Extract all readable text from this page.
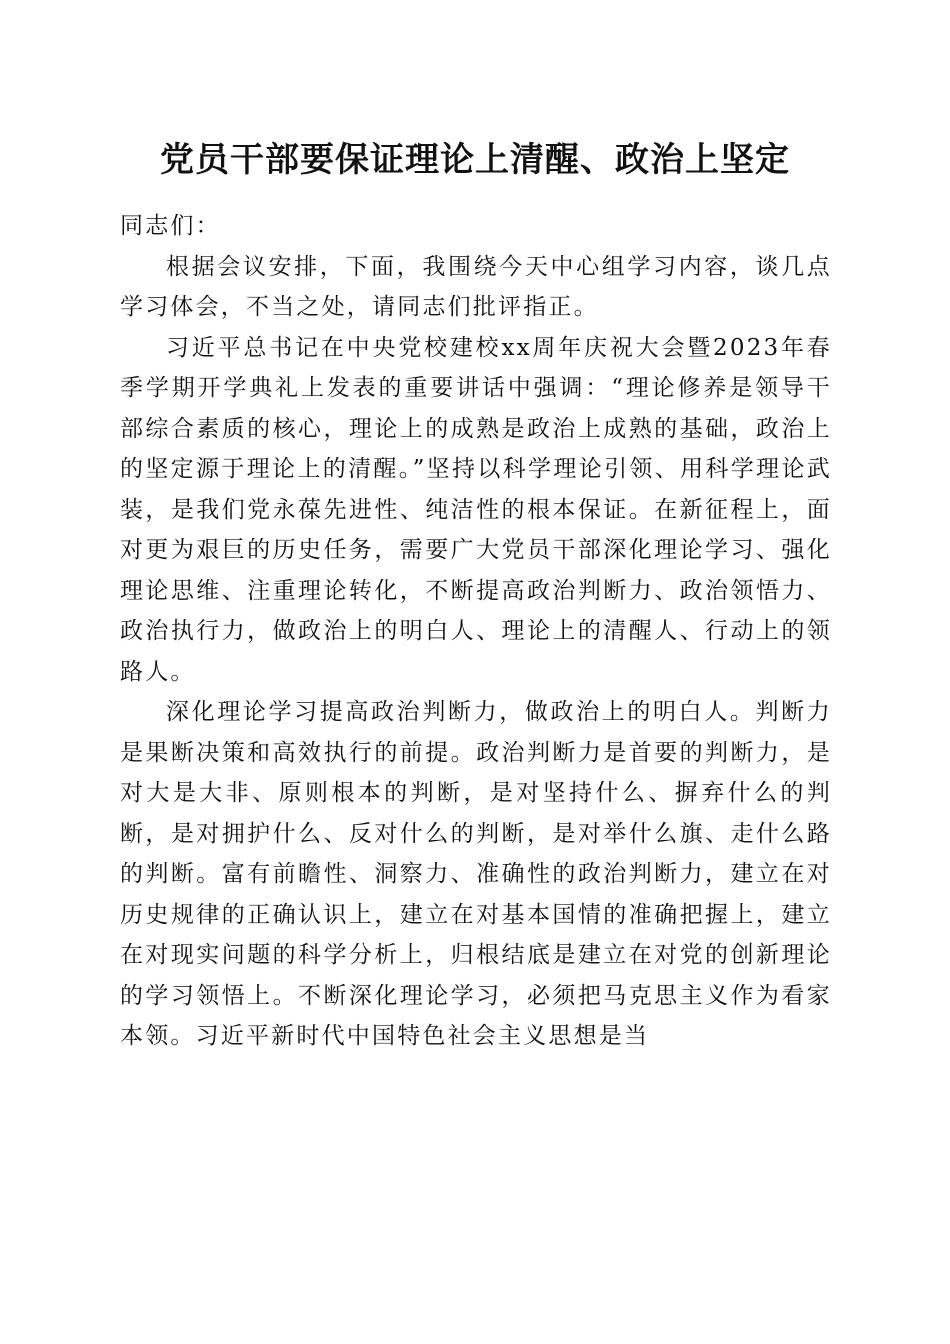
党员干部要保证理论上清醒、政治上坚定

同志们：

根据会议安排，下面，我围绕今天中心组学习内容，谈几点学习体会，不当之处，请同志们批评指正。

习近平总书记在中央党校建校xx周年庆祝大会暨2023年春季学期开学典礼上发表的重要讲话中强调：“理论修养是领导干部综合素质的核心，理论上的成熟是政治上成熟的基础，政治上的坚定源于理论上的清醒。”坚持以科学理论引领、用科学理论武装，是我们党永葆先进性、纯洁性的根本保证。在新征程上，面对更为艰巨的历史任务，需要广大党员干部深化理论学习、强化理论思维、注重理论转化，不断提高政治判断力、政治领悟力、政治执行力，做政治上的明白人、理论上的清醒人、行动上的领路人。

深化理论学习提高政治判断力，做政治上的明白人。判断力是果断决策和高效执行的前提。政治判断力是首要的判断力，是对大是大非、原则根本的判断，是对坚持什么、摒弃什么的判断，是对拥护什么、反对什么的判断，是对举什么旗、走什么路的判断。富有前瞻性、洞察力、准确性的政治判断力，建立在对历史规律的正确认识上，建立在对基本国情的准确把握上，建立在对现实问题的科学分析上，归根结底是建立在对党的创新理论的学习领悟上。不断深化理论学习，必须把马克思主义作为看家本领。习近平新时代中国特色社会主义思想是当
